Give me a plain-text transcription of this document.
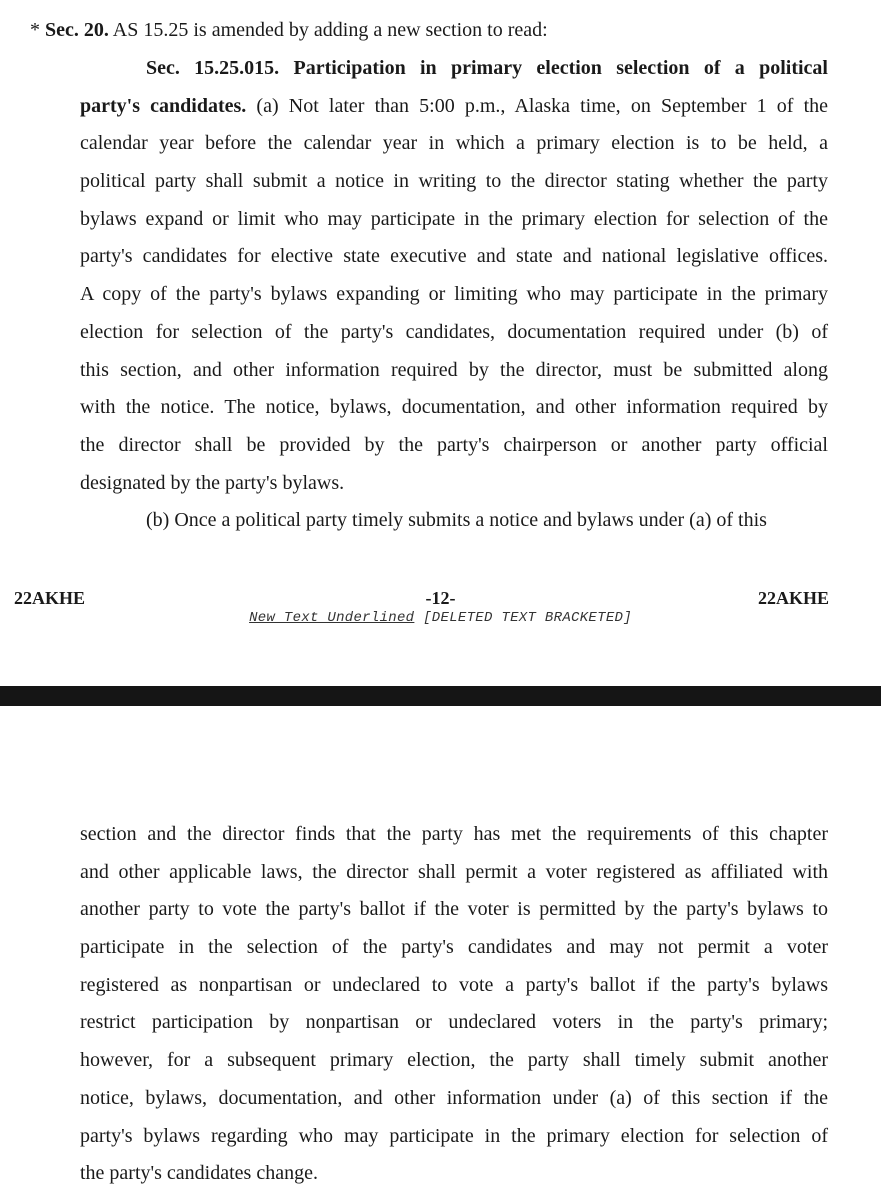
* Sec. 20. AS 15.25 is amended by adding a new section to read:
Sec. 15.25.015. Participation in primary election selection of a political
party's candidates. (a) Not later than 5:00 p.m., Alaska time, on September 1 of the
calendar year before the calendar year in which a primary election is to be held, a
political party shall submit a notice in writing to the director stating whether the party
bylaws expand or limit who may participate in the primary election for selection of the
party's candidates for elective state executive and state and national legislative offices.
A copy of the party's bylaws expanding or limiting who may participate in the primary
election for selection of the party's candidates, documentation required under (b) of
this section, and other information required by the director, must be submitted along
with the notice. The notice, bylaws, documentation, and other information required by
the director shall be provided by the party's chairperson or another party official
designated by the party's bylaws.
(b) Once a political party timely submits a notice and bylaws under (a) of this
22AKHE	-12-	22AKHE
New Text Underlined [DELETED TEXT BRACKETED]
section and the director finds that the party has met the requirements of this chapter
and other applicable laws, the director shall permit a voter registered as affiliated with
another party to vote the party's ballot if the voter is permitted by the party's bylaws to
participate in the selection of the party's candidates and may not permit a voter
registered as nonpartisan or undeclared to vote a party's ballot if the party's bylaws
restrict participation by nonpartisan or undeclared voters in the party's primary;
however, for a subsequent primary election, the party shall timely submit another
notice, bylaws, documentation, and other information under (a) of this section if the
party's bylaws regarding who may participate in the primary election for selection of
the party's candidates change.
